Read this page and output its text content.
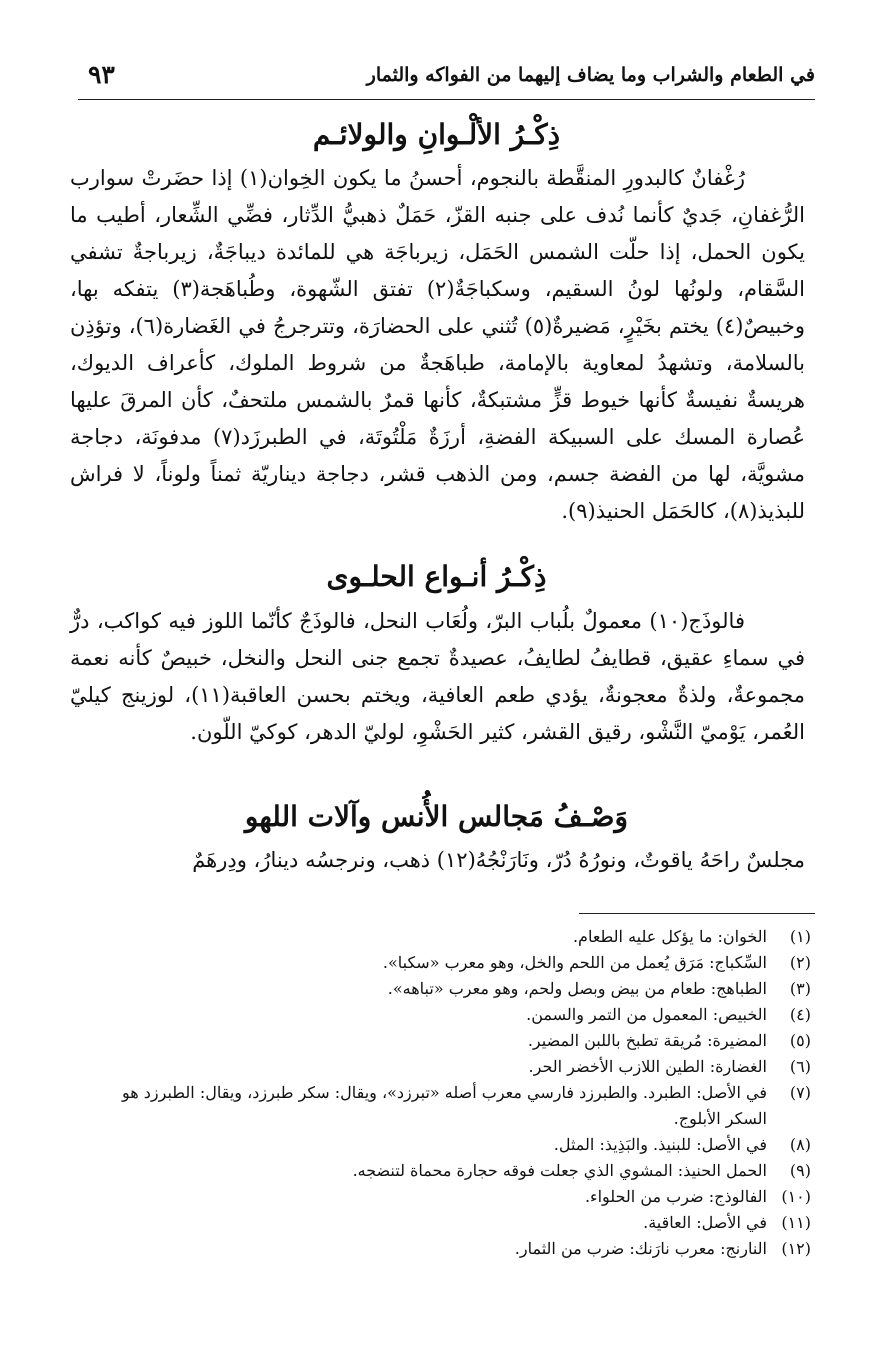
في الطعام والشراب وما يضاف إليهما من الفواكه والثمار
٩٣
ذِكْـرُ الألْـوانِ والولائـم

رُغْفانٌ كالبدورِ المنقَّطة بالنجوم، أحسنُ ما يكون الخِوان(١) إذا حضَرتْ سوارب الرُّغفانِ، جَديٌ كأنما نُدف على جنبه القزّ، حَمَلٌ ذهبيُّ الدِّثار، فضِّي الشِّعار، أطيب ما يكون الحمل، إذا حلّت الشمس الحَمَل، زيرباجَة هي للمائدة ديباجَةٌ، زيرباجةٌ تشفي السَّقام، ولونُها لونُ السقيم، وسكباجَةٌ(٢) تفتق الشّهوة، وطُباهَجة(٣) يتفكه بها، وخبيصٌ(٤) يختم بخَيْرٍ، مَضيرةٌ(٥) تُثني على الحضارَة، وتترجرجُ في الغَضارة(٦)، وتؤذِن بالسلامة، وتشهدُ لمعاوية بالإمامة، طباهَجةٌ من شروط الملوك، كأعراف الديوك، هريسةٌ نفيسةٌ كأنها خيوط قزٍّ مشتبكةٌ، كأنها قمرٌ بالشمس ملتحفٌ، كأن المرقَ عليها عُصارة المسك على السبيكة الفضةِ، أرزَةٌ مَلْتُوتَة، في الطبرزَد(٧) مدفونَة، دجاجة مشويَّة، لها من الفضة جسم، ومن الذهب قشر، دجاجة ديناريّة ثمناً ولوناً، لا فراش للبذيذ(٨)، كالحَمَل الحنيذ(٩).

ذِكْـرُ أنـواع الحلـوى

فالوذَج(١٠) معمولٌ بلُباب البرّ، ولُعَاب النحل، فالوذَجٌ كأنّما اللوز فيه كواكب، درٌّ في سماءِ عقيق، قطايفُ لطايفُ، عصيدةٌ تجمع جنى النحل والنخل، خبيصٌ كأنه نعمة مجموعةٌ، ولذةٌ معجونةٌ، يؤدي طعم العافية، ويختم بحسن العاقبة(١١)، لوزينج كيليّ العُمر، يَوْميّ النَّشْو، رقيق القشر، كثير الحَشْوِ، لوليّ الدهر، كوكيّ اللّون.

وَصْـفُ مَجالس الأُنس وآلات اللهو

مجلسٌ راحَهُ ياقوتٌ، ونورُهُ دُرّ، ونَارَنْجُهُ(١٢) ذهب، ونرجسُه دينارُ، ودِرهَمٌ

(١)
الخوان: ما يؤكل عليه الطعام.
(٢)
السِّكباج: مَرَق يُعمل من اللحم والخل، وهو معرب «سكبا».
(٣)
الطباهج: طعام من بيض وبصل ولحم، وهو معرب «تباهه».
(٤)
الخبيص: المعمول من التمر والسمن.
(٥)
المضيرة: مُريقة تطبخ باللبن المضير.
(٦)
الغضارة: الطين اللازب الأخضر الحر.
(٧)
في الأصل: الطبرد. والطبرزد فارسي معرب أصله «تبرزد»، ويقال: سكر طبرزد، ويقال: الطبرزد هو السكر الأبلوج.
(٨)
في الأصل: للبنيذ. والبَذِيذ: المثل.
(٩)
الحمل الحنيذ: المشوي الذي جعلت فوقه حجارة محماة لتنضجه.
(١٠)
الفالوذج: ضرب من الحلواء.
(١١)
في الأصل: العاقية.
(١٢)
النارنج: معرب نارَنك: ضرب من الثمار.
